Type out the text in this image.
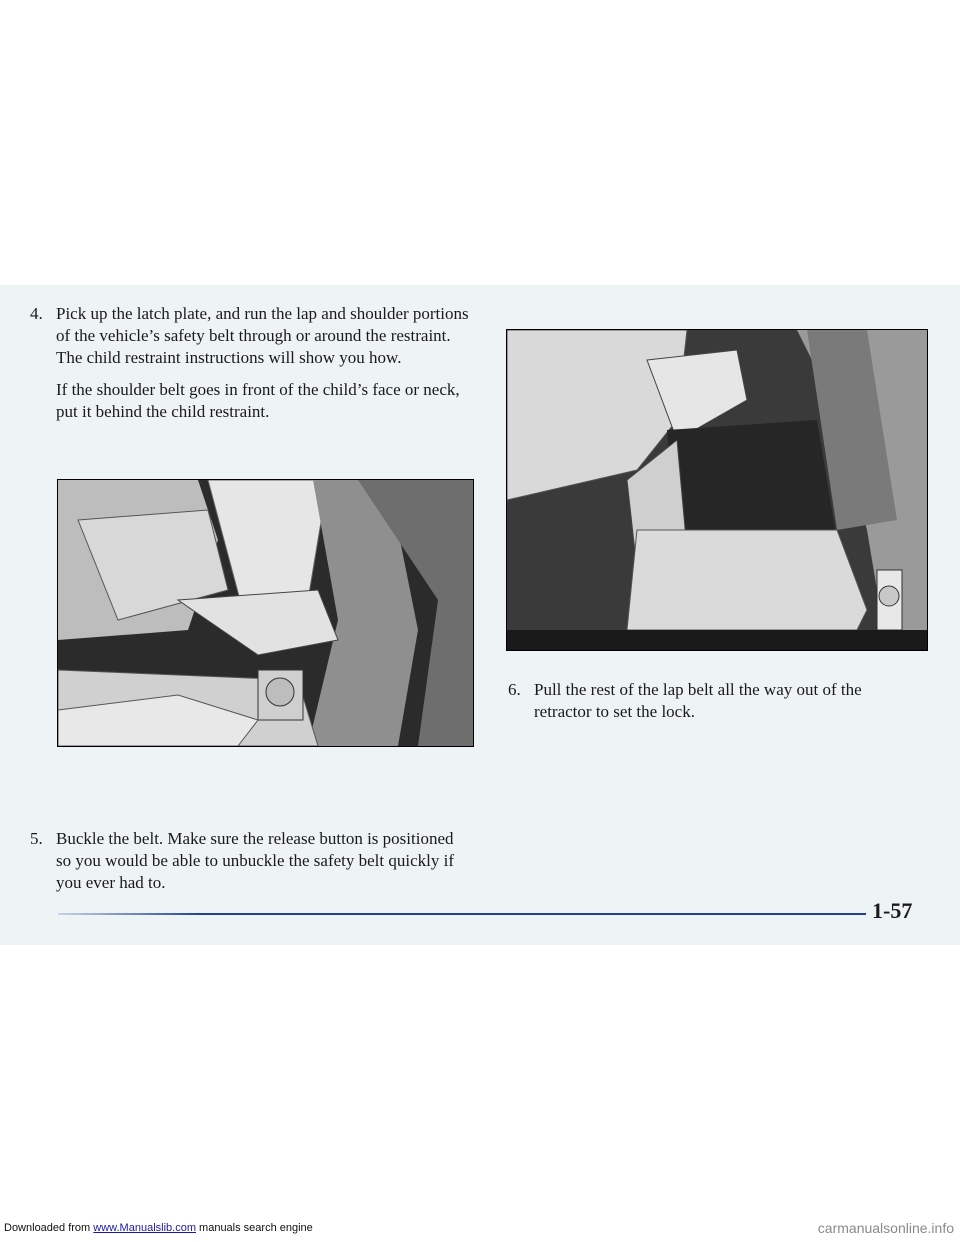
4. Pick up the latch plate, and run the lap and shoulder portions of the vehicle’s safety belt through or around the restraint. The child restraint instructions will show you how.
If the shoulder belt goes in front of the child’s face or neck, put it behind the child restraint.
6. Pull the rest of the lap belt all the way out of the retractor to set the lock.
5. Buckle the belt. Make sure the release button is positioned so you would be able to unbuckle the safety belt quickly if you ever had to.
1-57
Downloaded from www.Manualslib.com manuals search engine	carmanualsonline.info
